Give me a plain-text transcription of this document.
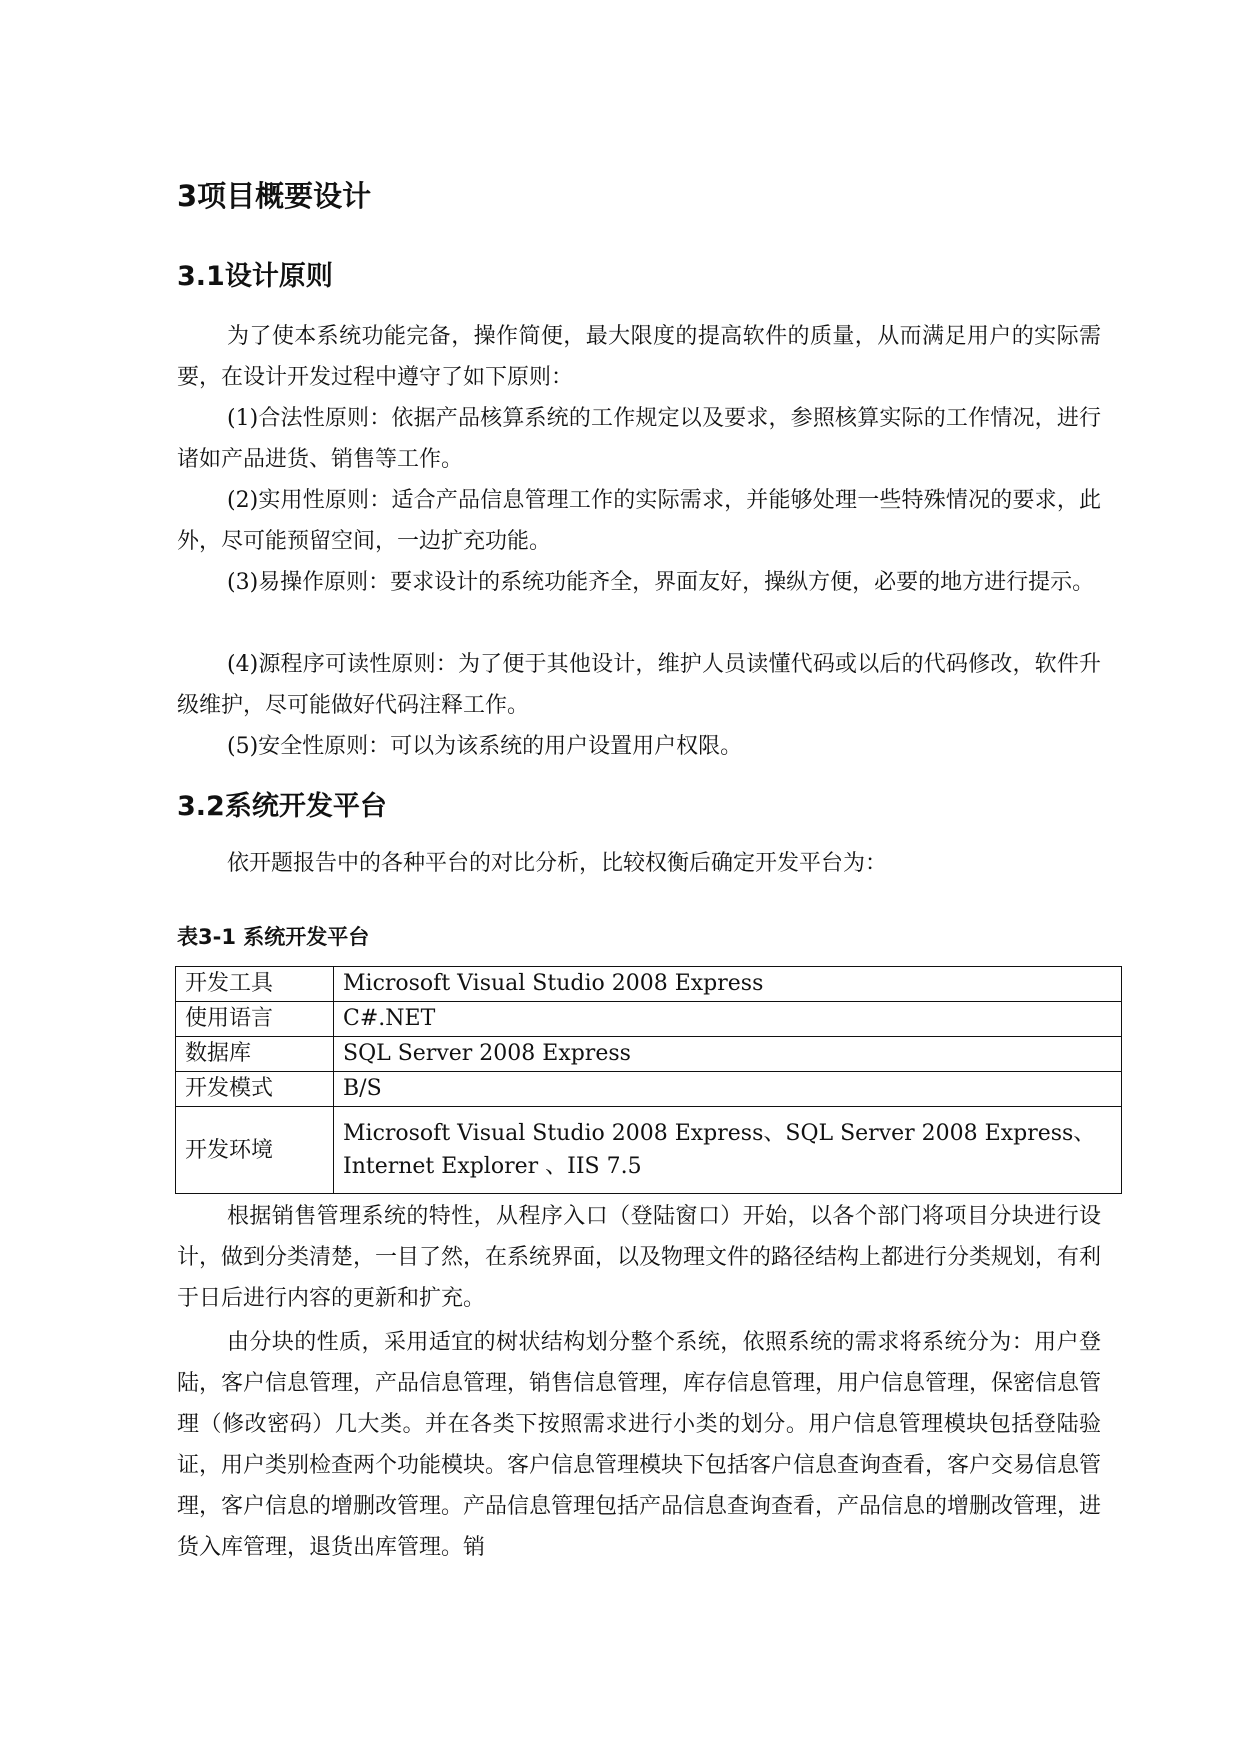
3项目概要设计
3.1设计原则

为了使本系统功能完备，操作简便，最大限度的提高软件的质量，从而满足用户的实际需要，在设计开发过程中遵守了如下原则：

(1)合法性原则：依据产品核算系统的工作规定以及要求，参照核算实际的工作情况，进行诸如产品进货、销售等工作。

(2)实用性原则：适合产品信息管理工作的实际需求，并能够处理一些特殊情况的要求，此外，尽可能预留空间，一边扩充功能。

(3)易操作原则：要求设计的系统功能齐全，界面友好，操纵方便，必要的地方进行提示。

(4)源程序可读性原则：为了便于其他设计，维护人员读懂代码或以后的代码修改，软件升级维护，尽可能做好代码注释工作。

(5)安全性原则：可以为该系统的用户设置用户权限。

3.2系统开发平台

依开题报告中的各种平台的对比分析，比较权衡后确定开发平台为：

表3-1 系统开发平台
开发工具	Microsoft Visual Studio 2008 Express
使用语言	C#.NET
数据库	SQL Server 2008 Express
开发模式	B/S
开发环境	Microsoft Visual Studio 2008 Express、SQL Server 2008 Express、Internet Explorer 、IIS 7.5

根据销售管理系统的特性，从程序入口（登陆窗口）开始，以各个部门将项目分块进行设计，做到分类清楚，一目了然，在系统界面，以及物理文件的路径结构上都进行分类规划，有利于日后进行内容的更新和扩充。

由分块的性质，采用适宜的树状结构划分整个系统，依照系统的需求将系统分为：用户登陆，客户信息管理，产品信息管理，销售信息管理，库存信息管理，用户信息管理，保密信息管理（修改密码）几大类。并在各类下按照需求进行小类的划分。用户信息管理模块包括登陆验证，用户类别检查两个功能模块。客户信息管理模块下包括客户信息查询查看，客户交易信息管理，客户信息的增删改管理。产品信息管理包括产品信息查询查看，产品信息的增删改管理，进货入库管理，退货出库管理。销
